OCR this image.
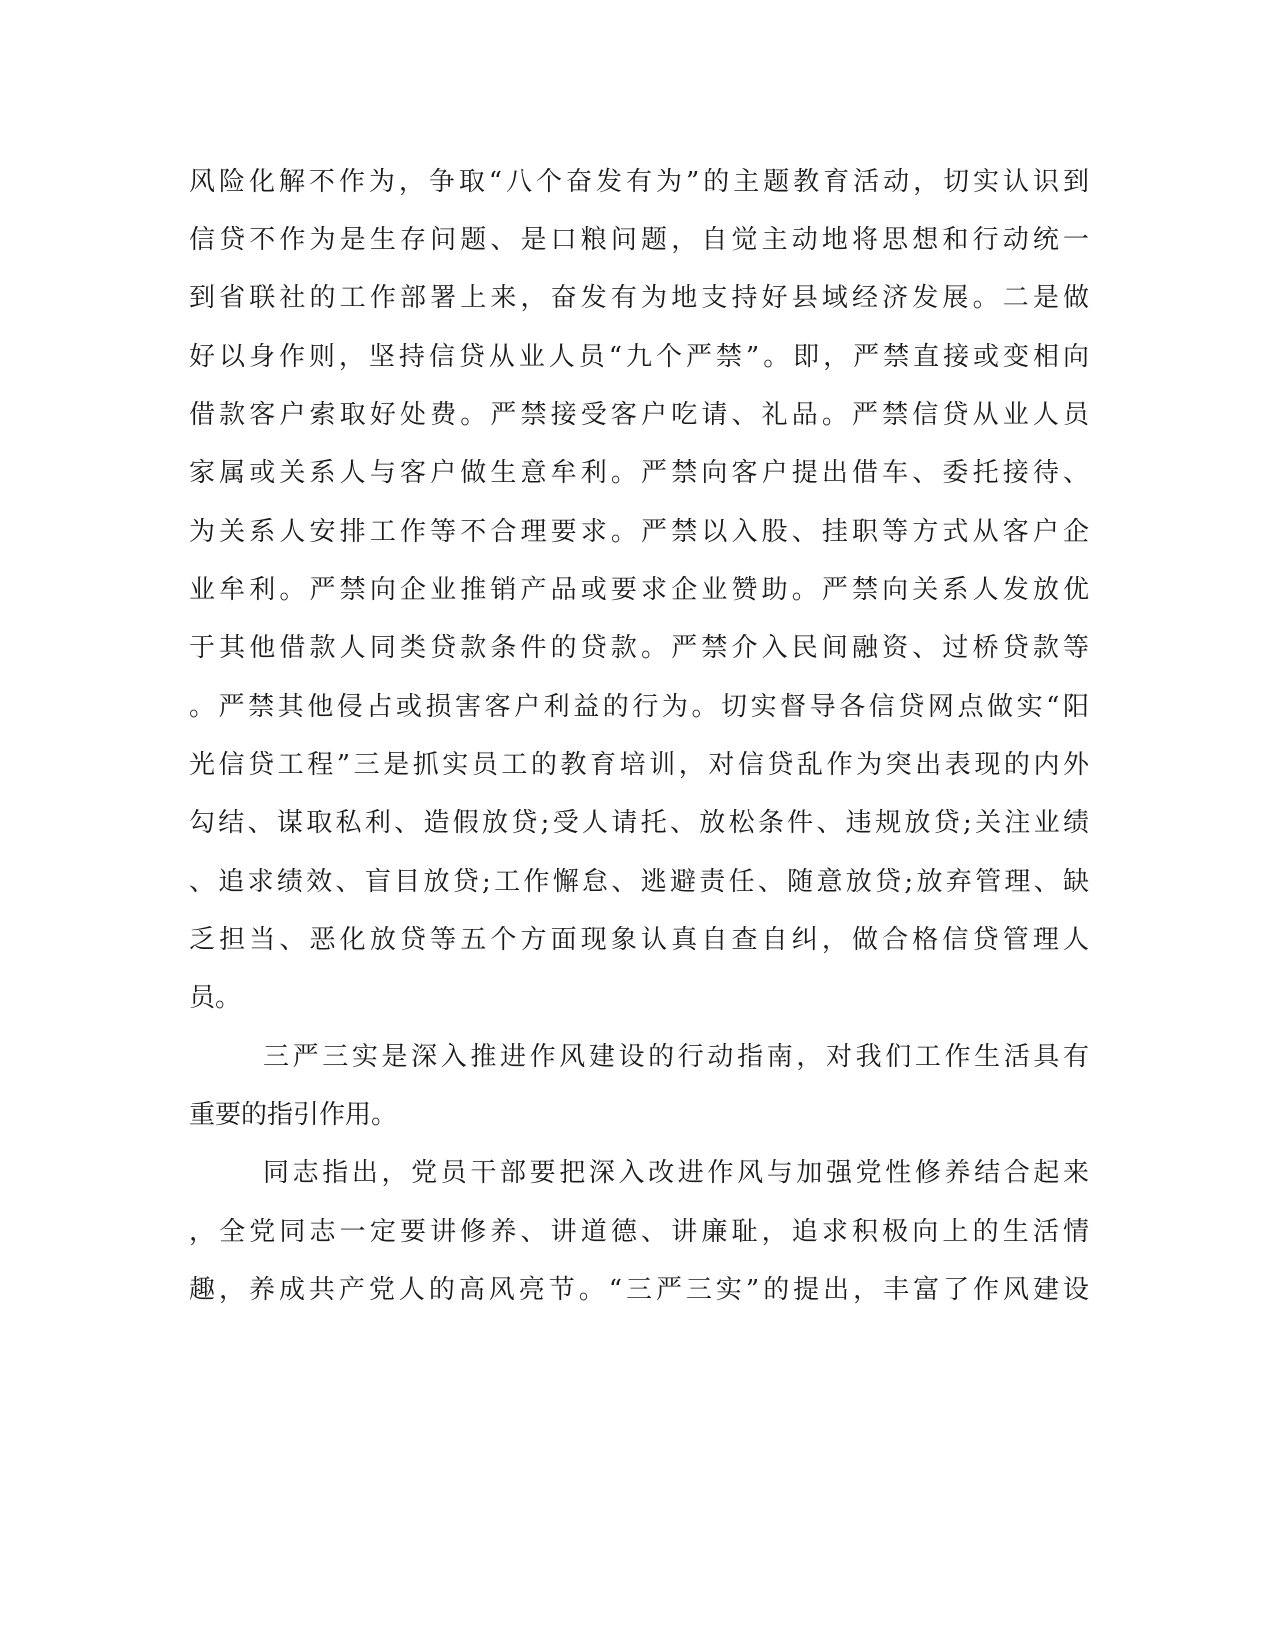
风险化解不作为，争取“八个奋发有为”的主题教育活动，切实认识到
信贷不作为是生存问题、是口粮问题，自觉主动地将思想和行动统一
到省联社的工作部署上来，奋发有为地支持好县域经济发展。二是做
好以身作则，坚持信贷从业人员“九个严禁”。即，严禁直接或变相向
借款客户索取好处费。严禁接受客户吃请、礼品。严禁信贷从业人员
家属或关系人与客户做生意牟利。严禁向客户提出借车、委托接待、
为关系人安排工作等不合理要求。严禁以入股、挂职等方式从客户企
业牟利。严禁向企业推销产品或要求企业赞助。严禁向关系人发放优
于其他借款人同类贷款条件的贷款。严禁介入民间融资、过桥贷款等
。严禁其他侵占或损害客户利益的行为。切实督导各信贷网点做实“阳
光信贷工程”三是抓实员工的教育培训，对信贷乱作为突出表现的内外
勾结、谋取私利、造假放贷;受人请托、放松条件、违规放贷;关注业绩
、追求绩效、盲目放贷;工作懈怠、逃避责任、随意放贷;放弃管理、缺
乏担当、恶化放贷等五个方面现象认真自查自纠，做合格信贷管理人
员。
三严三实是深入推进作风建设的行动指南，对我们工作生活具有
重要的指引作用。
同志指出，党员干部要把深入改进作风与加强党性修养结合起来
，全党同志一定要讲修养、讲道德、讲廉耻，追求积极向上的生活情
趣，养成共产党人的高风亮节。“三严三实”的提出，丰富了作风建设
